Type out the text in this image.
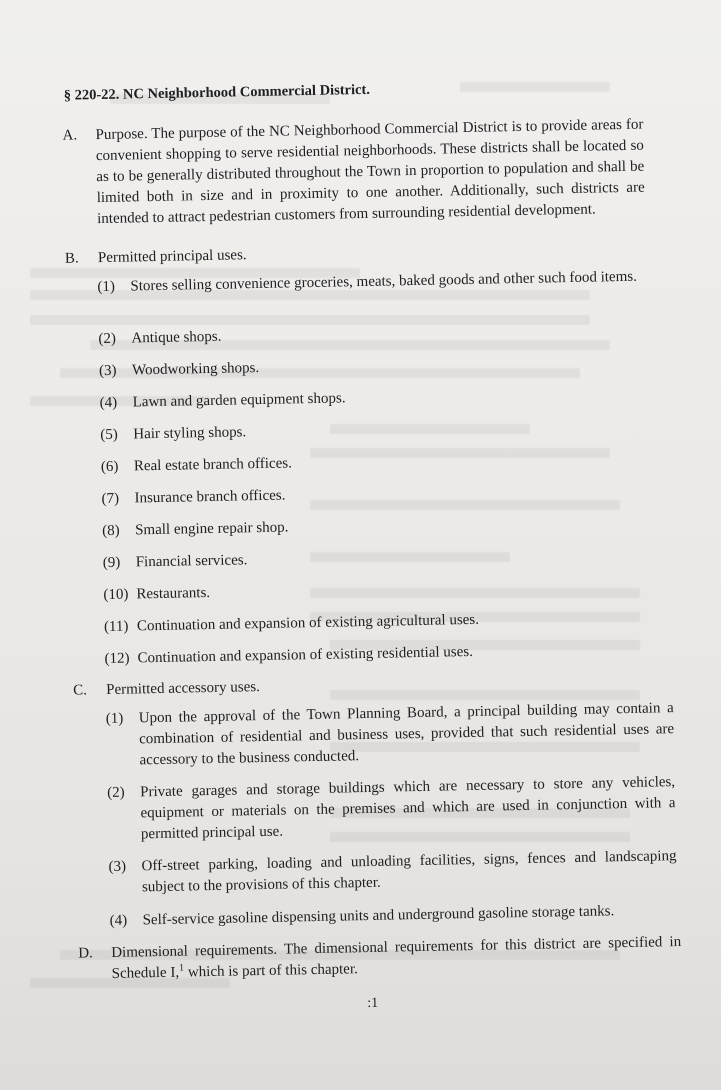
§ 220-22. NC Neighborhood Commercial District.
A. Purpose. The purpose of the NC Neighborhood Commercial District is to provide areas for convenient shopping to serve residential neighborhoods. These districts shall be located so as to be generally distributed throughout the Town in proportion to population and shall be limited both in size and in proximity to one another. Additionally, such districts are intended to attract pedestrian customers from surrounding residential development.
B. Permitted principal uses.
(1) Stores selling convenience groceries, meats, baked goods and other such food items.
(2) Antique shops.
(3) Woodworking shops.
(4) Lawn and garden equipment shops.
(5) Hair styling shops.
(6) Real estate branch offices.
(7) Insurance branch offices.
(8) Small engine repair shop.
(9) Financial services.
(10) Restaurants.
(11) Continuation and expansion of existing agricultural uses.
(12) Continuation and expansion of existing residential uses.
C. Permitted accessory uses.
(1) Upon the approval of the Town Planning Board, a principal building may contain a combination of residential and business uses, provided that such residential uses are accessory to the business conducted.
(2) Private garages and storage buildings which are necessary to store any vehicles, equipment or materials on the premises and which are used in conjunction with a permitted principal use.
(3) Off-street parking, loading and unloading facilities, signs, fences and landscaping subject to the provisions of this chapter.
(4) Self-service gasoline dispensing units and underground gasoline storage tanks.
D. Dimensional requirements. The dimensional requirements for this district are specified in Schedule I,$^1$ which is part of this chapter.
:1
